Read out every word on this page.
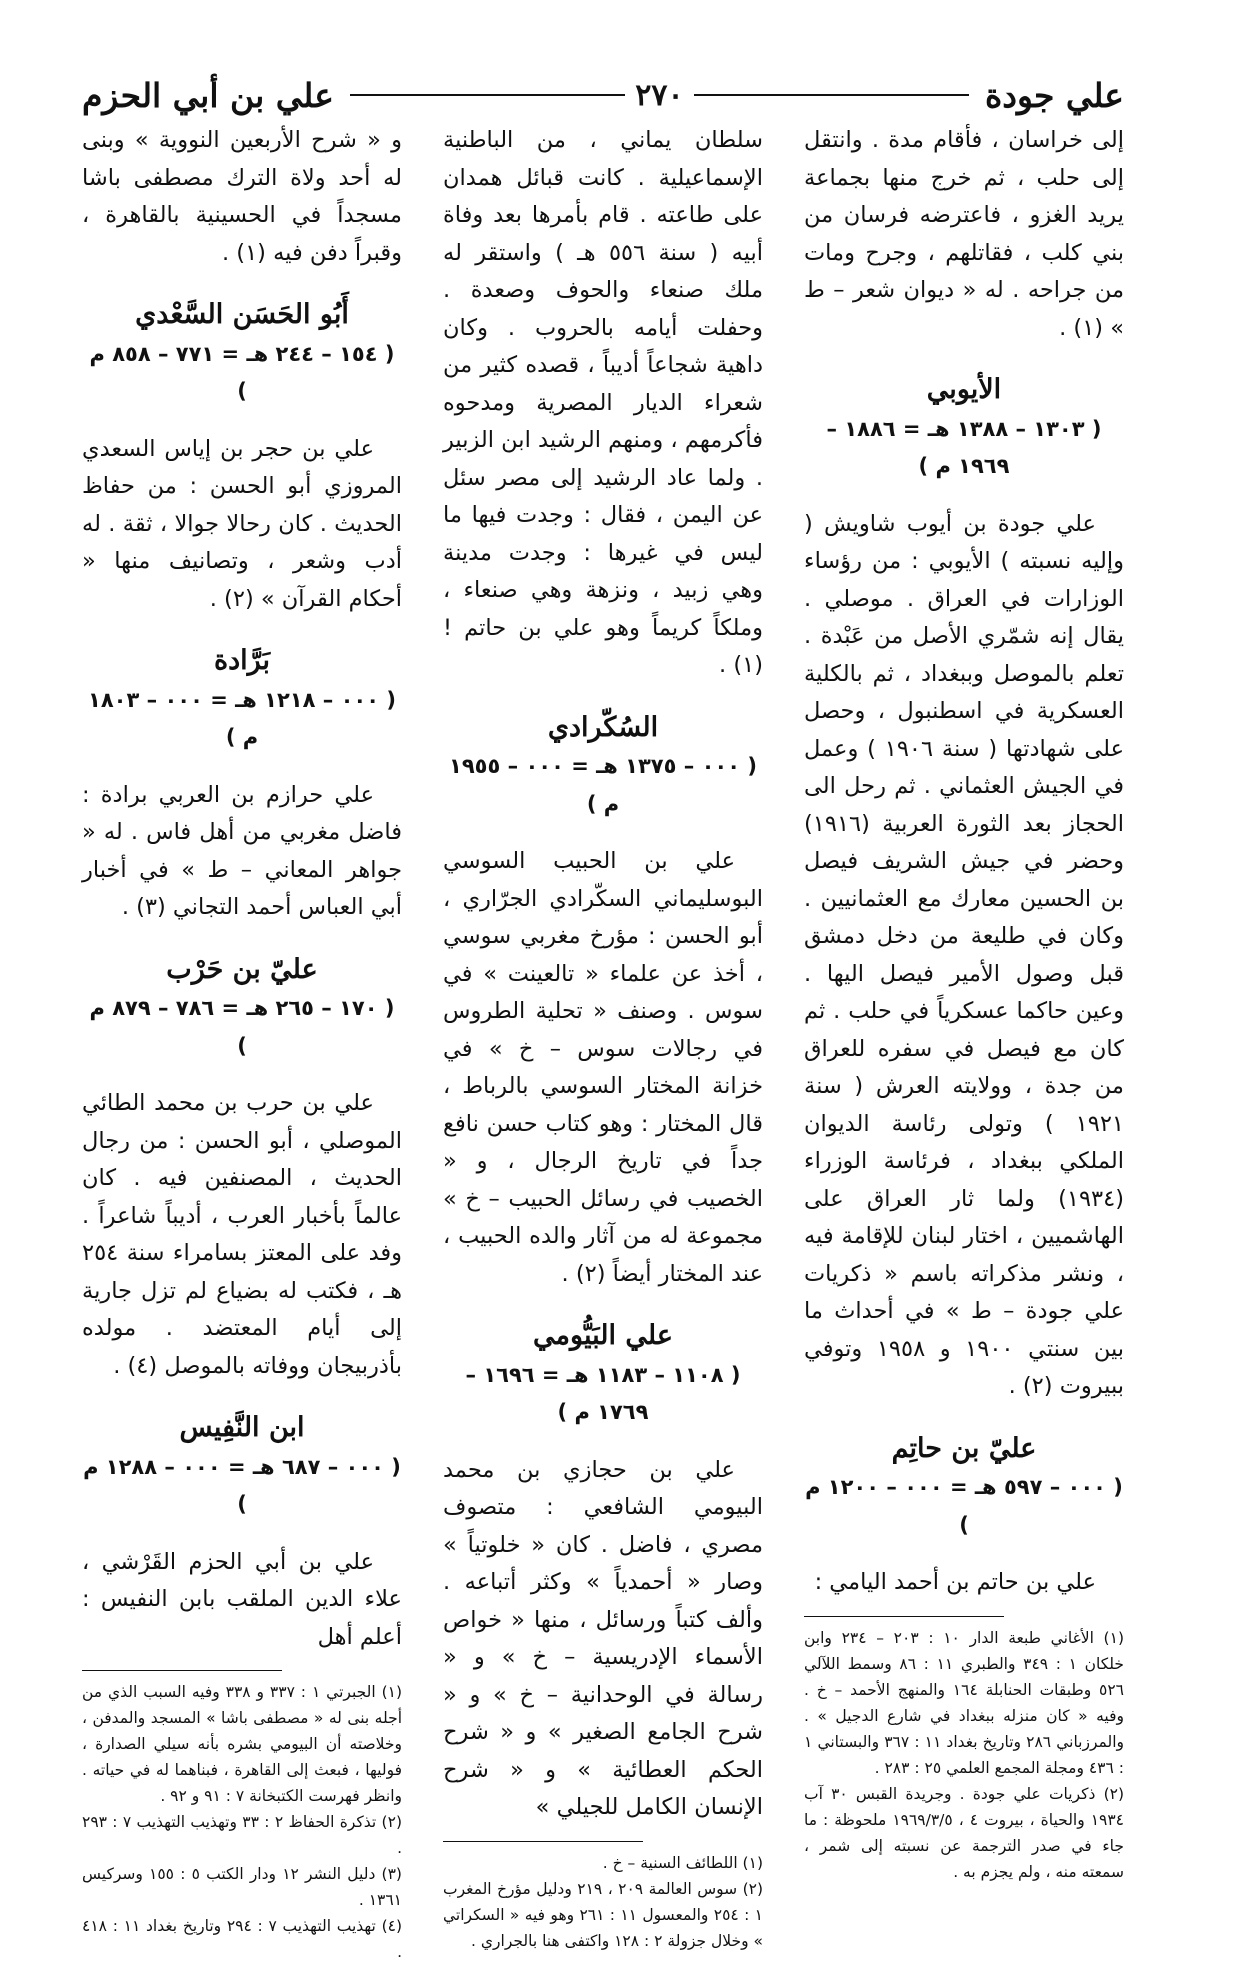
علي جودة
٢٧٠
علي بن أبي الحزم

إلى خراسان ، فأقام مدة . وانتقل إلى حلب ، ثم خرج منها بجماعة يريد الغزو ، فاعترضه فرسان من بني كلب ، فقاتلهم ، وجرح ومات من جراحه . له « ديوان شعر – ط » (١) .

الأيوبي
( ١٣٠٣ – ١٣٨٨ هـ = ١٨٨٦ – ١٩٦٩ م )

علي جودة بن أيوب شاويش ( وإليه نسبته ) الأيوبي : من رؤساء الوزارات في العراق . موصلي . يقال إنه شمّري الأصل من عَبْدة . تعلم بالموصل وببغداد ، ثم بالكلية العسكرية في اسطنبول ، وحصل على شهادتها ( سنة ١٩٠٦ ) وعمل في الجيش العثماني . ثم رحل الى الحجاز بعد الثورة العربية (١٩١٦) وحضر في جيش الشريف فيصل بن الحسين معارك مع العثمانيين . وكان في طليعة من دخل دمشق قبل وصول الأمير فيصل اليها . وعين حاكما عسكرياً في حلب . ثم كان مع فيصل في سفره للعراق من جدة ، وولايته العرش ( سنة ١٩٢١ ) وتولى رئاسة الديوان الملكي ببغداد ، فرئاسة الوزراء (١٩٣٤) ولما ثار العراق على الهاشميين ، اختار لبنان للإقامة فيه ، ونشر مذكراته باسم « ذكريات علي جودة – ط » في أحداث ما بين سنتي ١٩٠٠ و ١٩٥٨ وتوفي ببيروت (٢) .

عليّ بن حاتِم
( ٠٠٠ – ٥٩٧ هـ = ٠٠٠ – ١٢٠٠ م )

علي بن حاتم بن أحمد اليامي :

(١) الأغاني طبعة الدار ١٠ : ٢٠٣ – ٢٣٤ وابن خلكان ١ : ٣٤٩ والطبري ١١ : ٨٦ وسمط اللآلي ٥٢٦ وطبقات الحنابلة ١٦٤ والمنهج الأحمد – خ . وفيه « كان منزله ببغداد في شارع الدجيل » . والمرزباني ٢٨٦ وتاريخ بغداد ١١ : ٣٦٧ والبستاني ١ : ٤٣٦ ومجلة المجمع العلمي ٢٥ : ٢٨٣ .

(٢) ذكريات علي جودة . وجريدة القبس ٣٠ آب ١٩٣٤ والحياة ، بيروت ٤ ، ١٩٦٩/٣/٥ ملحوظة : ما جاء في صدر الترجمة عن نسبته إلى شمر ، سمعته منه ، ولم يجزم به .

سلطان يماني ، من الباطنية الإسماعيلية . كانت قبائل همدان على طاعته . قام بأمرها بعد وفاة أبيه ( سنة ٥٥٦ هـ ) واستقر له ملك صنعاء والحوف وصعدة . وحفلت أيامه بالحروب . وكان داهية شجاعاً أديباً ، قصده كثير من شعراء الديار المصرية ومدحوه فأكرمهم ، ومنهم الرشيد ابن الزبير . ولما عاد الرشيد إلى مصر سئل عن اليمن ، فقال : وجدت فيها ما ليس في غيرها : وجدت مدينة وهي زبيد ، ونزهة وهي صنعاء ، وملكاً كريماً وهو علي بن حاتم ! (١) .

السُكّرادي
( ٠٠٠ – ١٣٧٥ هـ = ٠٠٠ – ١٩٥٥ م )

علي بن الحبيب السوسي البوسليماني السكّرادي الجرّاري ، أبو الحسن : مؤرخ مغربي سوسي ، أخذ عن علماء « تالعينت » في سوس . وصنف « تحلية الطروس في رجالات سوس – خ » في خزانة المختار السوسي بالرباط ، قال المختار : وهو كتاب حسن نافع جداً في تاريخ الرجال ، و « الخصيب في رسائل الحبيب – خ » مجموعة له من آثار والده الحبيب ، عند المختار أيضاً (٢) .

علي البَيُّومي
( ١١٠٨ – ١١٨٣ هـ = ١٦٩٦ – ١٧٦٩ م )

علي بن حجازي بن محمد البيومي الشافعي : متصوف مصري ، فاضل . كان « خلوتياً » وصار « أحمدياً » وكثر أتباعه . وألف كتباً ورسائل ، منها « خواص الأسماء الإدريسية – خ » و « رسالة في الوحدانية – خ » و « شرح الجامع الصغير » و « شرح الحكم العطائية » و « شرح الإنسان الكامل للجيلي »

(١) اللطائف السنية – خ .

(٢) سوس العالمة ٢٠٩ ، ٢١٩ ودليل مؤرخ المغرب ١ : ٢٥٤ والمعسول ١١ : ٢٦١ وهو فيه « السكراتي » وخلال جزولة ٢ : ١٢٨ واكتفى هنا بالجراري .

و « شرح الأربعين النووية » وبنى له أحد ولاة الترك مصطفى باشا مسجداً في الحسينية بالقاهرة ، وقبراً دفن فيه (١) .

أَبُو الحَسَن السَّعْدي
( ١٥٤ – ٢٤٤ هـ = ٧٧١ – ٨٥٨ م )

علي بن حجر بن إياس السعدي المروزي أبو الحسن : من حفاظ الحديث . كان رحالا جوالا ، ثقة . له أدب وشعر ، وتصانيف منها « أحكام القرآن » (٢) .

بَرَّادة
( ٠٠٠ – ١٢١٨ هـ = ٠٠٠ – ١٨٠٣ م )

علي حرازم بن العربي برادة : فاضل مغربي من أهل فاس . له « جواهر المعاني – ط » في أخبار أبي العباس أحمد التجاني (٣) .

عليّ بن حَرْب
( ١٧٠ – ٢٦٥ هـ = ٧٨٦ – ٨٧٩ م )

علي بن حرب بن محمد الطائي الموصلي ، أبو الحسن : من رجال الحديث ، المصنفين فيه . كان عالماً بأخبار العرب ، أديباً شاعراً . وفد على المعتز بسامراء سنة ٢٥٤ هـ ، فكتب له بضياع لم تزل جارية إلى أيام المعتضد . مولده بأذربيجان ووفاته بالموصل (٤) .

ابن النَّفِيس
( ٠٠٠ – ٦٨٧ هـ = ٠٠٠ – ١٢٨٨ م )

علي بن أبي الحزم القَرْشي ، علاء الدين الملقب بابن النفيس : أعلم أهل

(١) الجبرتي ١ : ٣٣٧ و ٣٣٨ وفيه السبب الذي من أجله بنى له « مصطفى باشا » المسجد والمدفن ، وخلاصته أن البيومي بشره بأنه سيلي الصدارة ، فوليها ، فبعث إلى القاهرة ، فبناهما له في حياته . وانظر فهرست الكتبخانة ٧ : ٩١ و ٩٢ .

(٢) تذكرة الحفاظ ٢ : ٣٣ وتهذيب التهذيب ٧ : ٢٩٣ .

(٣) دليل النشر ١٢ ودار الكتب ٥ : ١٥٥ وسركيس ١٣٦١ .

(٤) تهذيب التهذيب ٧ : ٢٩٤ وتاريخ بغداد ١١ : ٤١٨ .
